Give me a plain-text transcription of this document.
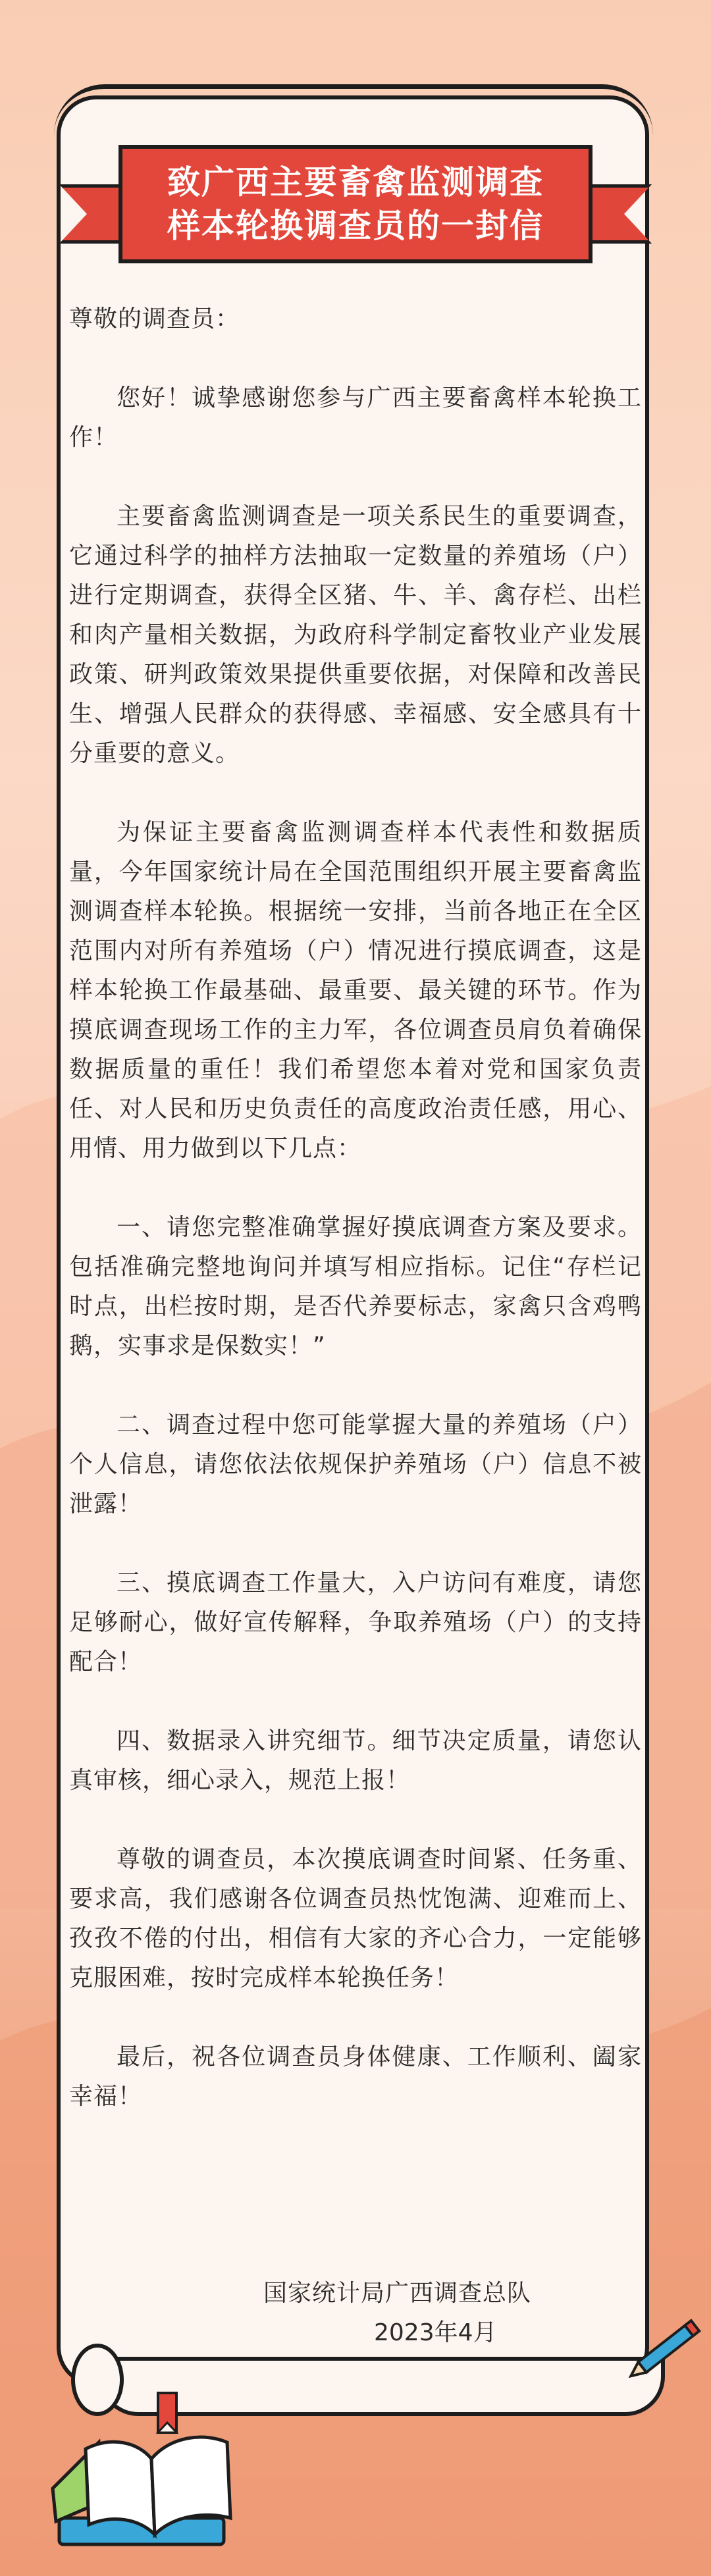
致广西主要畜禽监测调查
样本轮换调查员的一封信

尊敬的调查员：

您好！诚挚感谢您参与广西主要畜禽样本轮换工作！

主要畜禽监测调查是一项关系民生的重要调查，它通过科学的抽样方法抽取一定数量的养殖场（户）进行定期调查，获得全区猪、牛、羊、禽存栏、出栏和肉产量相关数据，为政府科学制定畜牧业产业发展政策、研判政策效果提供重要依据，对保障和改善民生、增强人民群众的获得感、幸福感、安全感具有十分重要的意义。

为保证主要畜禽监测调查样本代表性和数据质量，今年国家统计局在全国范围组织开展主要畜禽监测调查样本轮换。根据统一安排，当前各地正在全区范围内对所有养殖场（户）情况进行摸底调查，这是样本轮换工作最基础、最重要、最关键的环节。作为摸底调查现场工作的主力军，各位调查员肩负着确保数据质量的重任！我们希望您本着对党和国家负责任、对人民和历史负责任的高度政治责任感，用心、用情、用力做到以下几点：

一、请您完整准确掌握好摸底调查方案及要求。包括准确完整地询问并填写相应指标。记住“存栏记时点，出栏按时期，是否代养要标志，家禽只含鸡鸭鹅，实事求是保数实！”

二、调查过程中您可能掌握大量的养殖场（户）个人信息，请您依法依规保护养殖场（户）信息不被泄露！

三、摸底调查工作量大，入户访问有难度，请您足够耐心，做好宣传解释，争取养殖场（户）的支持配合！

四、数据录入讲究细节。细节决定质量，请您认真审核，细心录入，规范上报！

尊敬的调查员，本次摸底调查时间紧、任务重、要求高，我们感谢各位调查员热忱饱满、迎难而上、孜孜不倦的付出，相信有大家的齐心合力，一定能够克服困难，按时完成样本轮换任务！

最后，祝各位调查员身体健康、工作顺利、阖家幸福！

国家统计局广西调查总队
2023年4月
